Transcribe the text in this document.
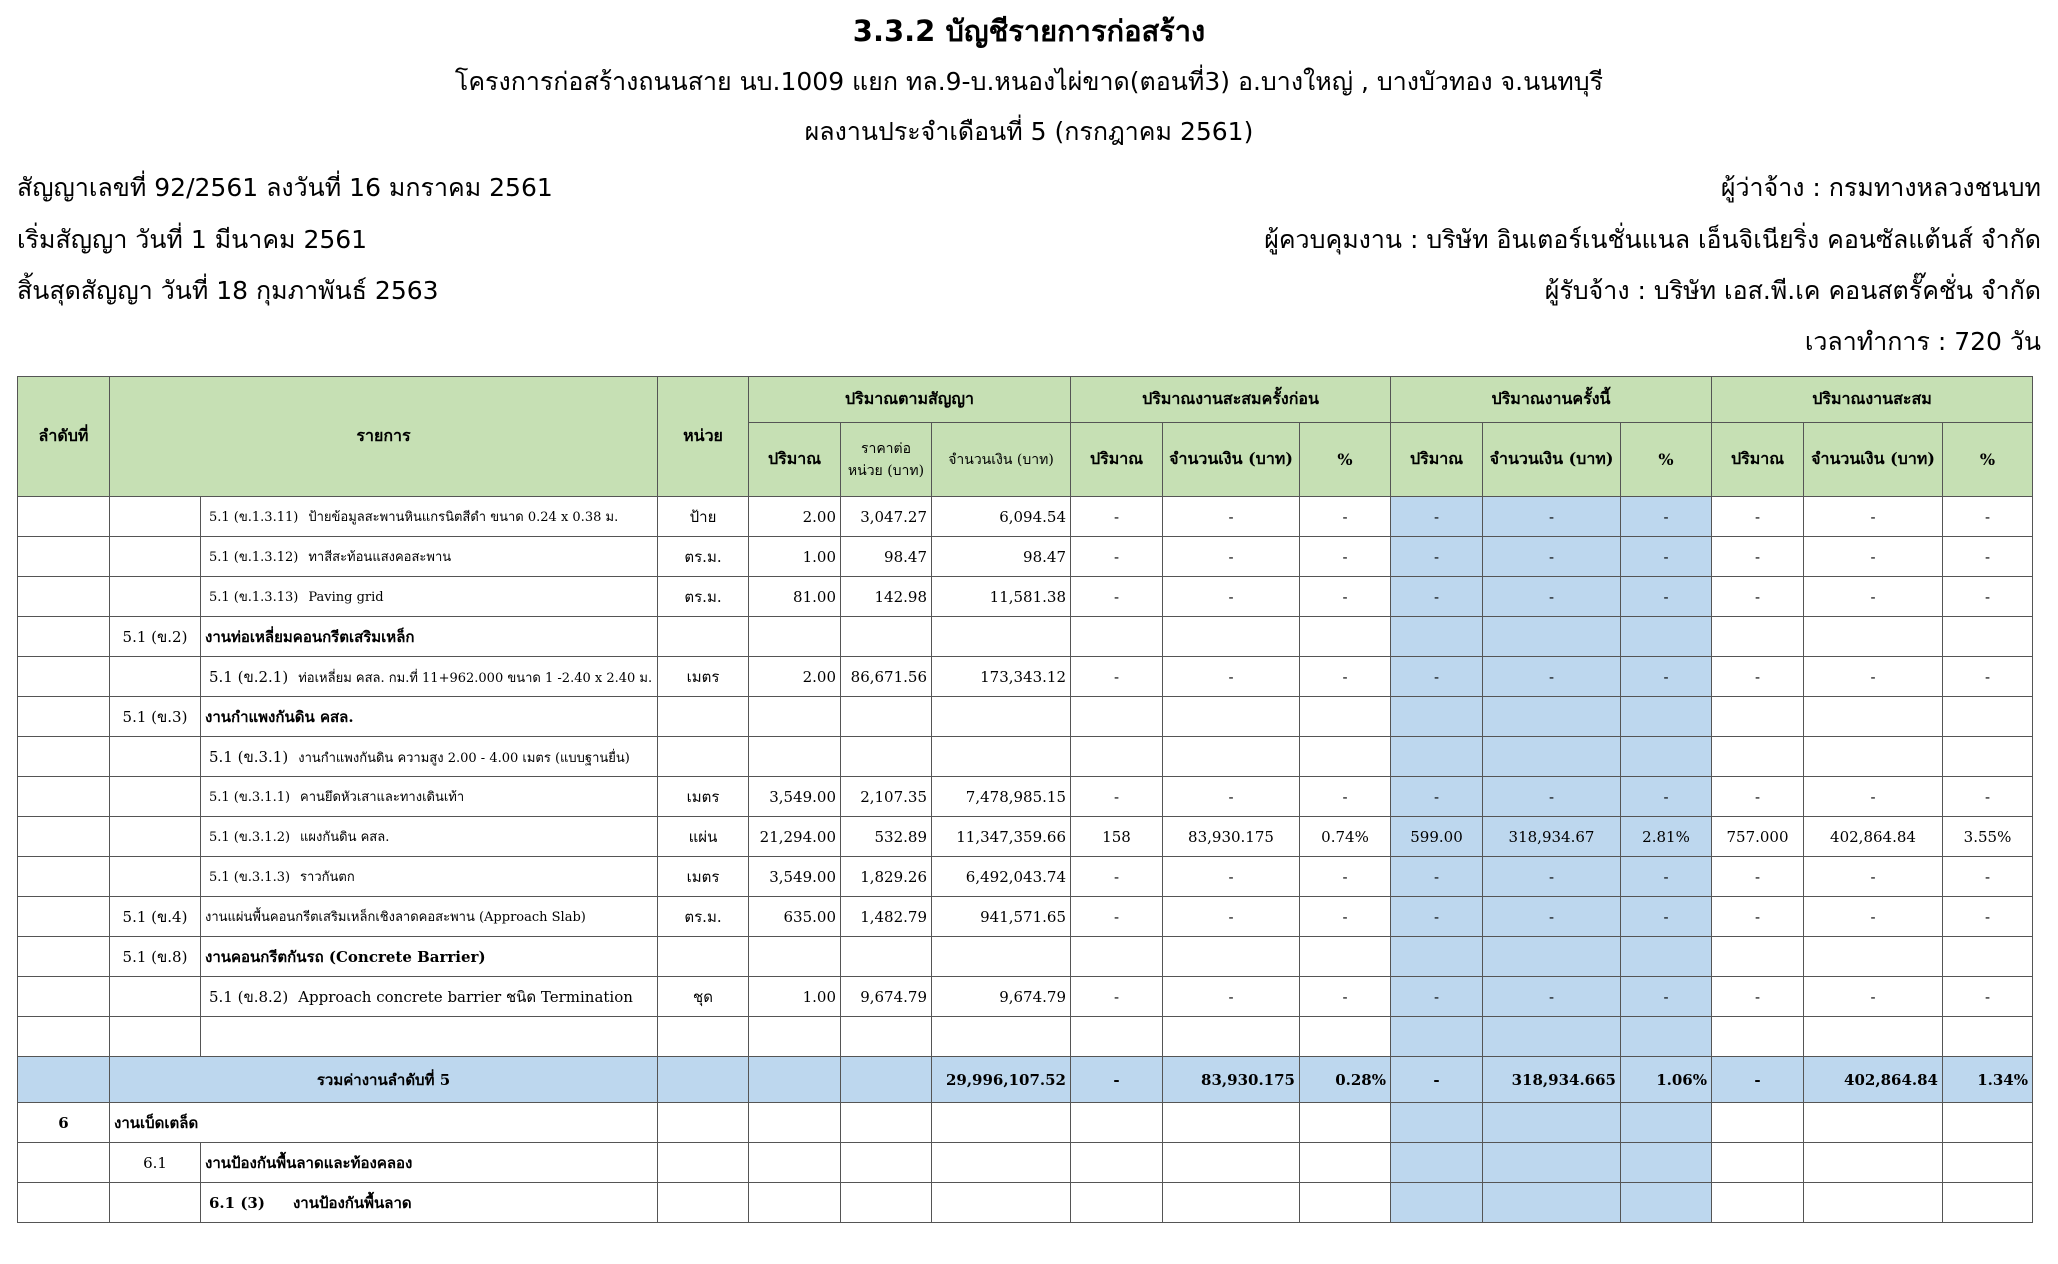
3.3.2 บัญชีรายการก่อสร้าง
โครงการก่อสร้างถนนสาย นบ.1009 แยก ทล.9-บ.หนองไผ่ขาด(ตอนที่3) อ.บางใหญ่ , บางบัวทอง จ.นนทบุรี
ผลงานประจำเดือนที่ 5 (กรกฎาคม 2561)
สัญญาเลขที่ 92/2561 ลงวันที่ 16 มกราคม 2561	ผู้ว่าจ้าง : กรมทางหลวงชนบท
เริ่มสัญญา วันที่ 1 มีนาคม 2561	ผู้ควบคุมงาน : บริษัท อินเตอร์เนชั่นแนล เอ็นจิเนียริ่ง คอนซัลแต้นส์ จำกัด
สิ้นสุดสัญญา วันที่ 18 กุมภาพันธ์ 2563	ผู้รับจ้าง : บริษัท เอส.พี.เค คอนสตรั๊คชั่น จำกัด
เวลาทำการ : 720 วัน
ลำดับที่	รายการ		หน่วย	ปริมาณตามสัญญา			ปริมาณงานสะสมครั้งก่อน			ปริมาณงานครั้งนี้			ปริมาณงานสะสม		
				ปริมาณ	ราคาต่อ หน่วย (บาท)	จำนวนเงิน (บาท)	ปริมาณ	จำนวนเงิน (บาท)	%	ปริมาณ	จำนวนเงิน (บาท)	%	ปริมาณ	จำนวนเงิน (บาท)	%
		5.1 (ข.1.3.11) ป้ายข้อมูลสะพานหินแกรนิตสีดำ ขนาด 0.24 x 0.38 ม.	ป้าย	2.00	3,047.27	6,094.54	-	-	-	-	-	-	-	-	-
		5.1 (ข.1.3.12) ทาสีสะท้อนแสงคอสะพาน	ตร.ม.	1.00	98.47	98.47	-	-	-	-	-	-	-	-	-
		5.1 (ข.1.3.13) Paving grid	ตร.ม.	81.00	142.98	11,581.38	-	-	-	-	-	-	-	-	-
	5.1 (ข.2)	งานท่อเหลี่ยมคอนกรีตเสริมเหล็ก													
		5.1 (ข.2.1) ท่อเหลี่ยม คสล. กม.ที่ 11+962.000 ขนาด 1 -2.40 x 2.40 ม.	เมตร	2.00	86,671.56	173,343.12	-	-	-	-	-	-	-	-	-
	5.1 (ข.3)	งานกำแพงกันดิน คสล.													
		5.1 (ข.3.1) งานกำแพงกันดิน ความสูง 2.00 - 4.00 เมตร (แบบฐานยื่น)													
		5.1 (ข.3.1.1) คานยึดหัวเสาและทางเดินเท้า	เมตร	3,549.00	2,107.35	7,478,985.15	-	-	-	-	-	-	-	-	-
		5.1 (ข.3.1.2) แผงกันดิน คสล.	แผ่น	21,294.00	532.89	11,347,359.66	158	83,930.175	0.74%	599.00	318,934.67	2.81%	757.000	402,864.84	3.55%
		5.1 (ข.3.1.3) ราวกันตก	เมตร	3,549.00	1,829.26	6,492,043.74	-	-	-	-	-	-	-	-	-
	5.1 (ข.4)	งานแผ่นพื้นคอนกรีตเสริมเหล็กเชิงลาดคอสะพาน (Approach Slab)	ตร.ม.	635.00	1,482.79	941,571.65	-	-	-	-	-	-	-	-	-
	5.1 (ข.8)	งานคอนกรีตกันรถ (Concrete Barrier)													
		5.1 (ข.8.2) Approach concrete barrier ชนิด Termination	ชุด	1.00	9,674.79	9,674.79	-	-	-	-	-	-	-	-	-

	รวมค่างานลำดับที่ 5					29,996,107.52	-	83,930.175	0.28%	-	318,934.665	1.06%	-	402,864.84	1.34%
6	งานเบ็ดเตล็ด														
	6.1	งานป้องกันพื้นลาดและท้องคลอง													
		6.1 (3) งานป้องกันพื้นลาด													
